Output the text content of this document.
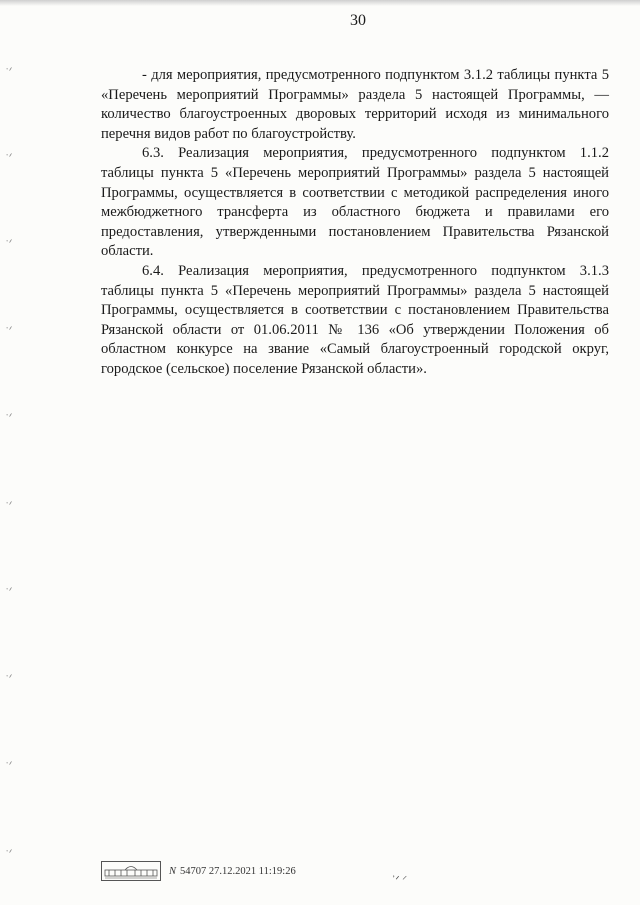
30
᾿ᐟ
᾿ᐟ
᾿ᐟ
᾿ᐟ
᾿ᐟ
᾿ᐟ
᾿ᐟ
᾿ᐟ
᾿ᐟ
᾿ᐟ

- для мероприятия, предусмотренного подпунктом 3.1.2 таблицы пункта 5 «Перечень мероприятий Программы» раздела 5 настоящей Программы, —количество благоустроенных дворовых территорий исходя из минимального перечня видов работ по благоустройству.

6.3. Реализация мероприятия, предусмотренного подпунктом 1.1.2 таблицы пункта 5 «Перечень мероприятий Программы» раздела 5 настоящей Программы, осуществляется в соответствии с методикой распределения иного межбюджетного трансферта из областного бюджета и правилами его предоставления, утвержденными постановлением Правительства Рязанской области.

6.4. Реализация мероприятия, предусмотренного подпунктом 3.1.3 таблицы пункта 5 «Перечень мероприятий Программы» раздела 5 настоящей Программы, осуществляется в соответствии с постановлением Правительства Рязанской области от 01.06.2011 № 136 «Об утверждении Положения об областном конкурсе на звание «Самый благоустроенный городской округ, городское (сельское) поселение Рязанской области».

N 54707 27.12.2021 11:19:26
᾿ᐟ ⸍
